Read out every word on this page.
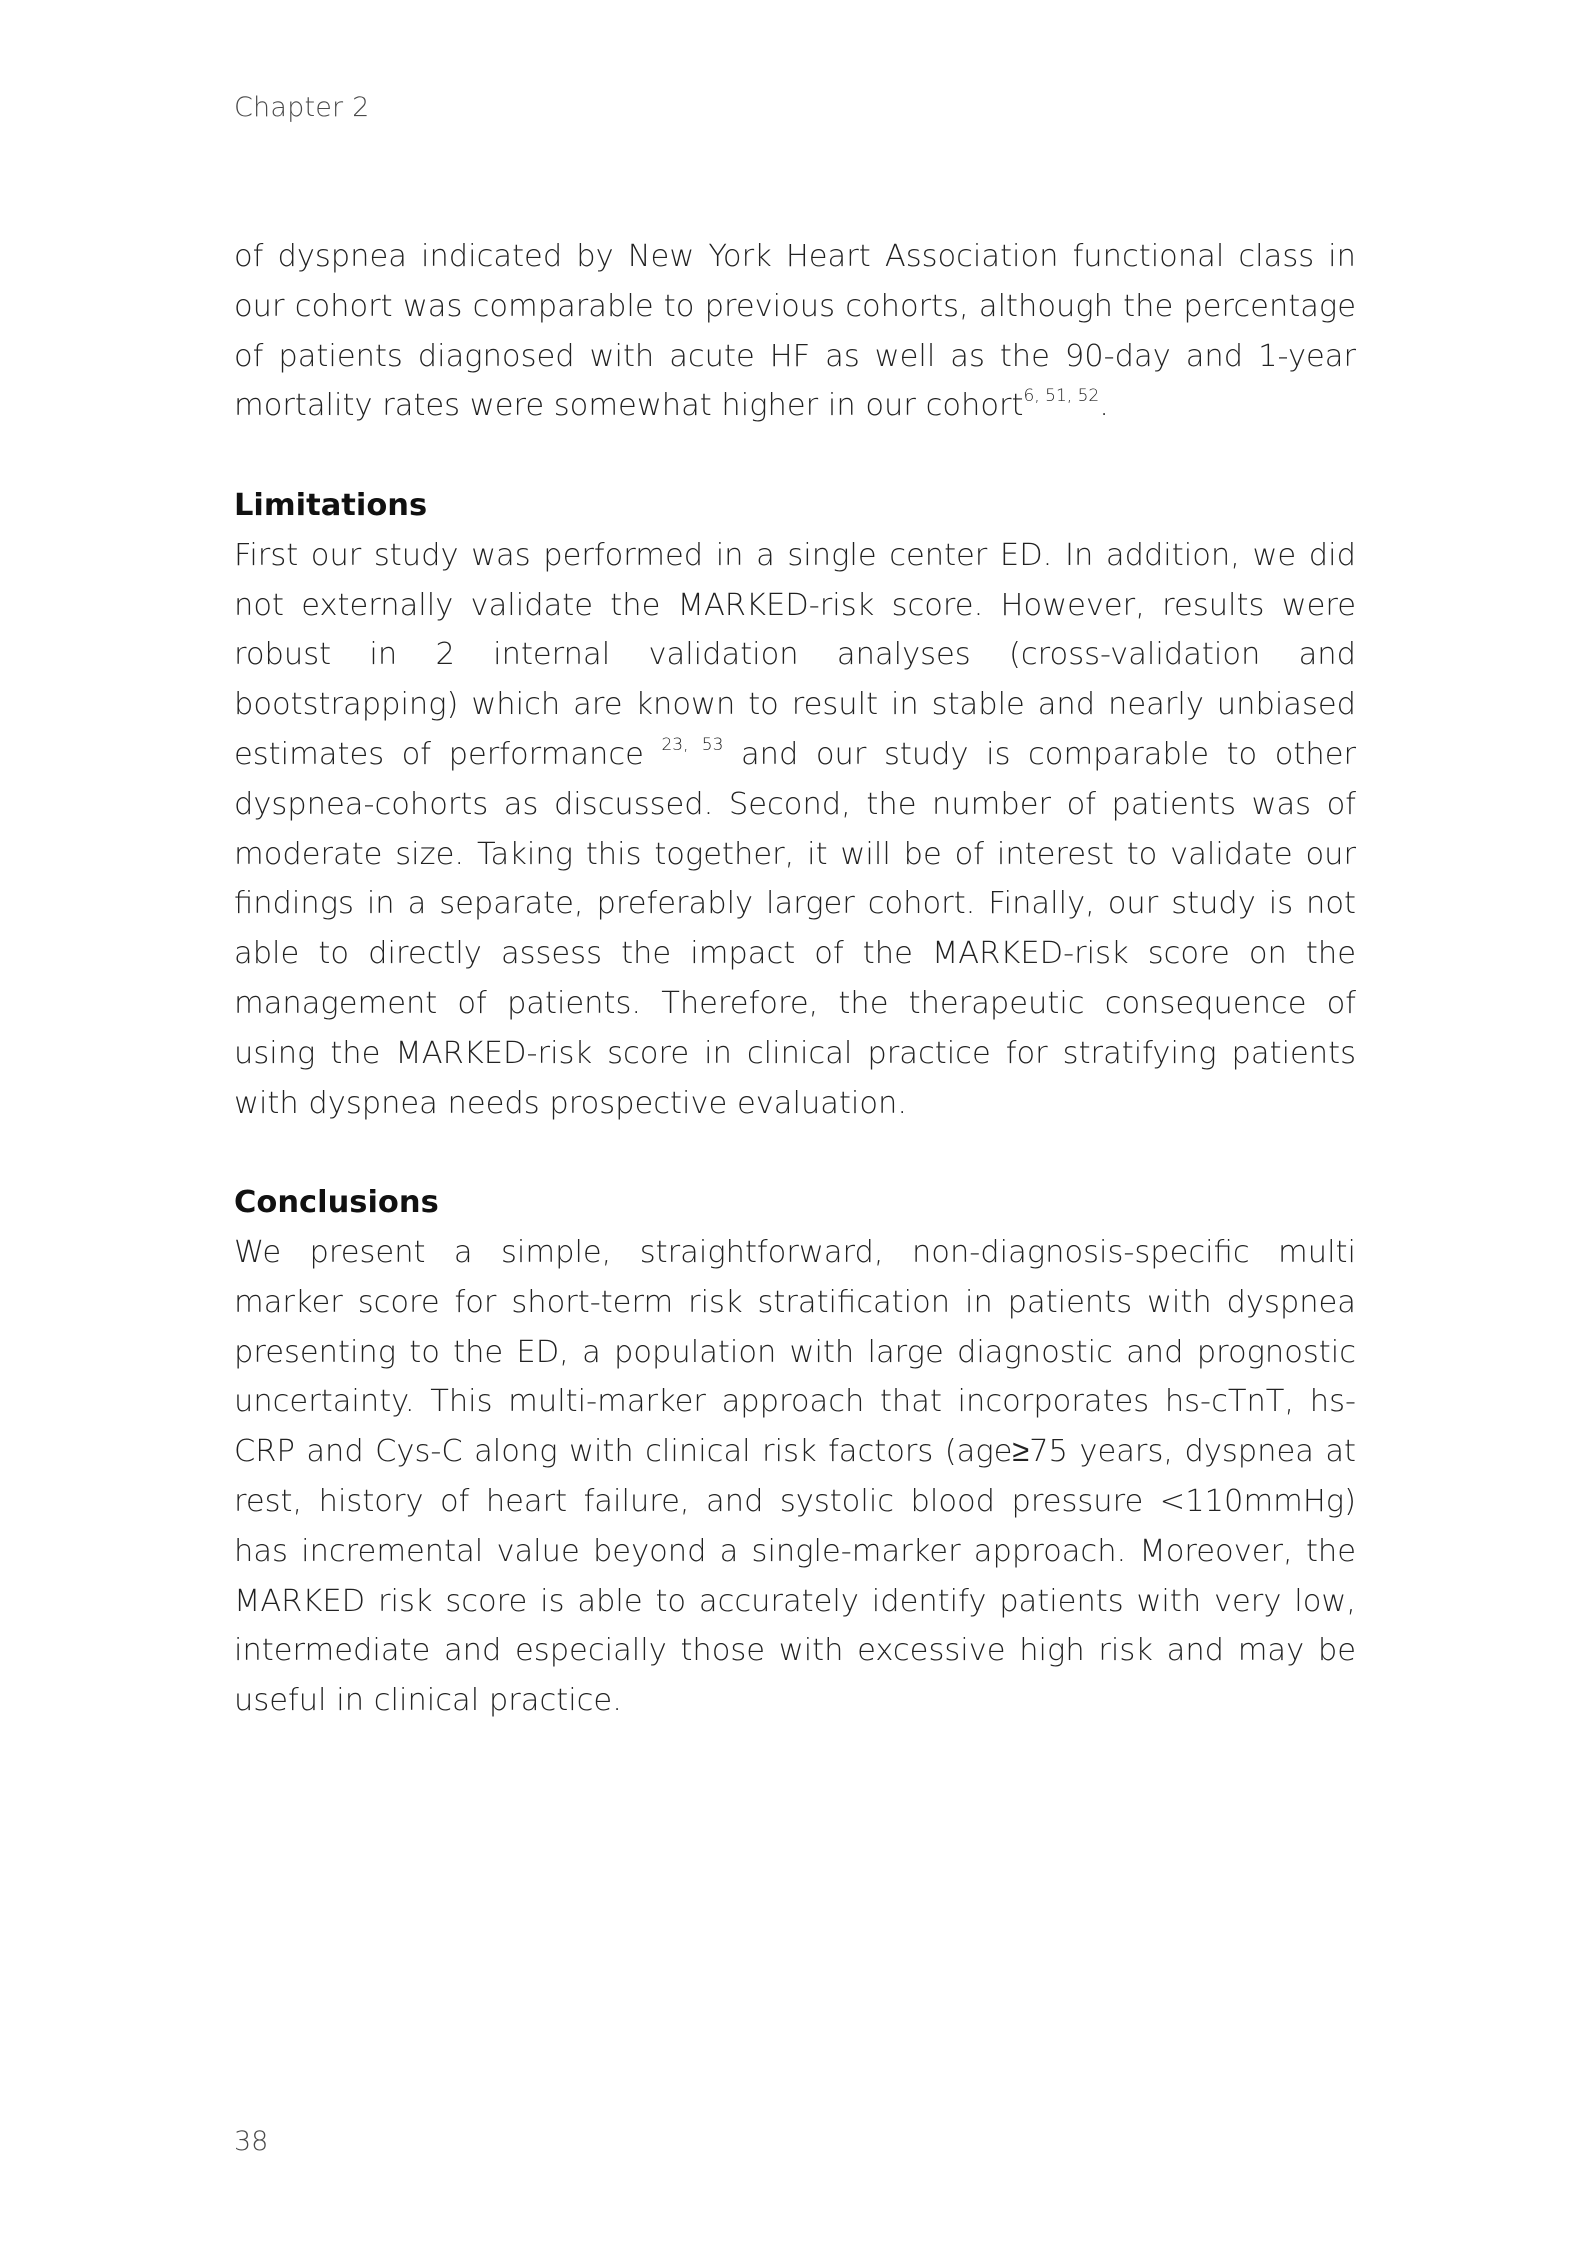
Chapter 2

of dyspnea indicated by New York Heart Association functional class in our cohort was comparable to previous cohorts, although the percentage of patients diagnosed with acute HF as well as the 90-day and 1-year mortality rates were somewhat higher in our cohort$^{6, 51, 52}$.

Limitations

First our study was performed in a single center ED. In addition, we did not externally validate the MARKED-risk score. However, results were robust in 2 internal validation analyses (cross-validation and bootstrapping) which are known to result in stable and nearly unbiased estimates of performance $^{23, 53}$ and our study is comparable to other dyspnea-cohorts as discussed. Second, the number of patients was of moderate size. Taking this together, it will be of interest to validate our findings in a separate, preferably larger cohort. Finally, our study is not able to directly assess the impact of the MARKED-risk score on the management of patients. Therefore, the therapeutic consequence of using the MARKED-risk score in clinical practice for stratifying patients with dyspnea needs prospective evaluation.

Conclusions

We present a simple, straightforward, non-diagnosis-specific multi marker score for short-term risk stratification in patients with dyspnea presenting to the ED, a population with large diagnostic and prognostic uncertainty. This multi-marker approach that incorporates hs-cTnT, hs-CRP and Cys-C along with clinical risk factors (age≥75 years, dyspnea at rest, history of heart failure, and systolic blood pressure <110mmHg) has incremental value beyond a single-marker approach. Moreover, the MARKED risk score is able to accurately identify patients with very low, intermediate and especially those with excessive high risk and may be useful in clinical practice.

38
